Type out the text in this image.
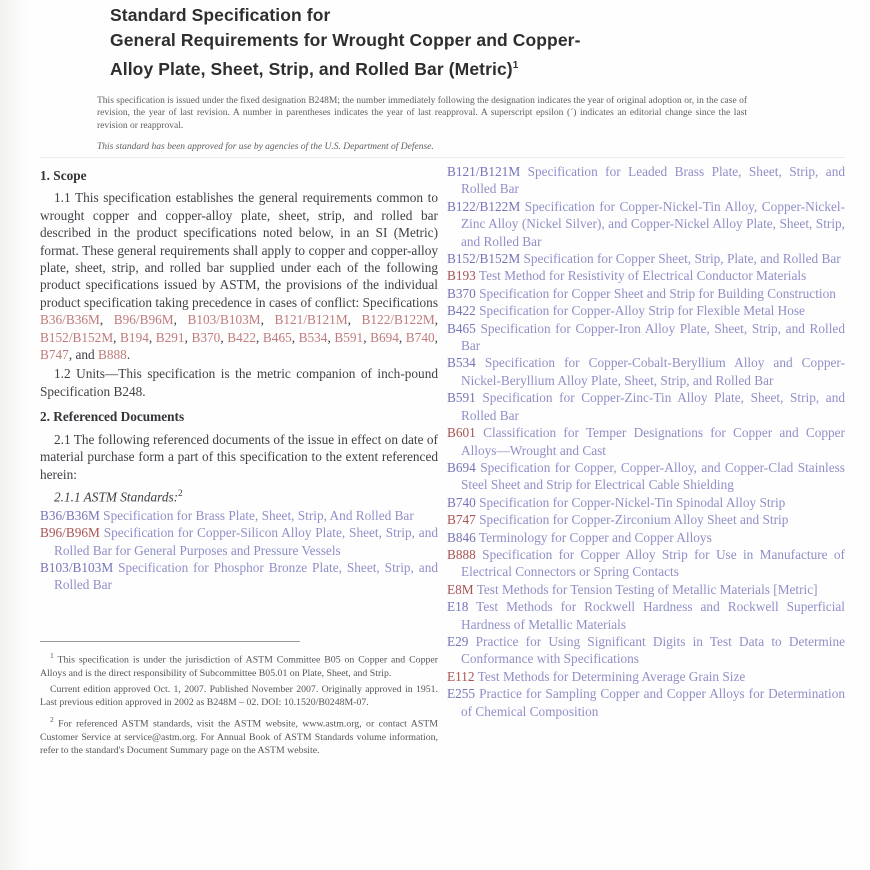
Standard Specification for
General Requirements for Wrought Copper and Copper-
Alloy Plate, Sheet, Strip, and Rolled Bar (Metric)$^1$

This specification is issued under the fixed designation B248M; the number immediately following the designation indicates the year of original adoption or, in the case of revision, the year of last revision. A number in parentheses indicates the year of last reapproval. A superscript epsilon (´) indicates an editorial change since the last revision or reapproval.

This standard has been approved for use by agencies of the U.S. Department of Defense.

1. Scope

1.1 This specification establishes the general requirements common to wrought copper and copper-alloy plate, sheet, strip, and rolled bar described in the product specifications noted below, in an SI (Metric) format. These general requirements shall apply to copper and copper-alloy plate, sheet, strip, and rolled bar supplied under each of the following product specifications issued by ASTM, the provisions of the individual product specification taking precedence in cases of conflict: Specifications B36/B36M, B96/B96M, B103/B103M, B121/B121M, B122/B122M, B152/B152M, B194, B291, B370, B422, B465, B534, B591, B694, B740, B747, and B888.

1.2 Units—This specification is the metric companion of inch-pound Specification B248.

2. Referenced Documents

2.1 The following referenced documents of the issue in effect on date of material purchase form a part of this specification to the extent referenced herein:

2.1.1 ASTM Standards:$^2$

B36/B36M Specification for Brass Plate, Sheet, Strip, And Rolled Bar

B96/B96M Specification for Copper-Silicon Alloy Plate, Sheet, Strip, and Rolled Bar for General Purposes and Pressure Vessels

B103/B103M Specification for Phosphor Bronze Plate, Sheet, Strip, and Rolled Bar

B121/B121M Specification for Leaded Brass Plate, Sheet, Strip, and Rolled Bar

B122/B122M Specification for Copper-Nickel-Tin Alloy, Copper-Nickel-Zinc Alloy (Nickel Silver), and Copper-Nickel Alloy Plate, Sheet, Strip, and Rolled Bar

B152/B152M Specification for Copper Sheet, Strip, Plate, and Rolled Bar

B193 Test Method for Resistivity of Electrical Conductor Materials

B370 Specification for Copper Sheet and Strip for Building Construction

B422 Specification for Copper-Alloy Strip for Flexible Metal Hose

B465 Specification for Copper-Iron Alloy Plate, Sheet, Strip, and Rolled Bar

B534 Specification for Copper-Cobalt-Beryllium Alloy and Copper-Nickel-Beryllium Alloy Plate, Sheet, Strip, and Rolled Bar

B591 Specification for Copper-Zinc-Tin Alloy Plate, Sheet, Strip, and Rolled Bar

B601 Classification for Temper Designations for Copper and Copper Alloys—Wrought and Cast

B694 Specification for Copper, Copper-Alloy, and Copper-Clad Stainless Steel Sheet and Strip for Electrical Cable Shielding

B740 Specification for Copper-Nickel-Tin Spinodal Alloy Strip

B747 Specification for Copper-Zirconium Alloy Sheet and Strip

B846 Terminology for Copper and Copper Alloys

B888 Specification for Copper Alloy Strip for Use in Manufacture of Electrical Connectors or Spring Contacts

E8M Test Methods for Tension Testing of Metallic Materials [Metric]

E18 Test Methods for Rockwell Hardness and Rockwell Superficial Hardness of Metallic Materials

E29 Practice for Using Significant Digits in Test Data to Determine Conformance with Specifications

E112 Test Methods for Determining Average Grain Size

E255 Practice for Sampling Copper and Copper Alloys for Determination of Chemical Composition

$^1$ This specification is under the jurisdiction of ASTM Committee B05 on Copper and Copper Alloys and is the direct responsibility of Subcommittee B05.01 on Plate, Sheet, and Strip.

Current edition approved Oct. 1, 2007. Published November 2007. Originally approved in 1951. Last previous edition approved in 2002 as B248M – 02. DOI: 10.1520/B0248M-07.

$^2$ For referenced ASTM standards, visit the ASTM website, www.astm.org, or contact ASTM Customer Service at service@astm.org. For Annual Book of ASTM Standards volume information, refer to the standard's Document Summary page on the ASTM website.
